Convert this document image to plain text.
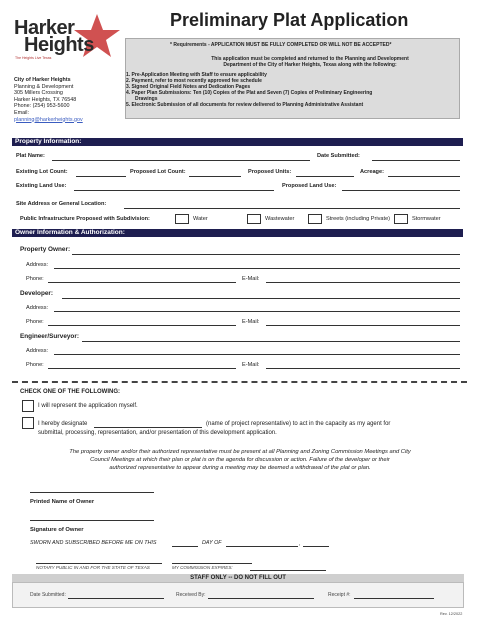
Harker
Heights
The Heights Live Texas
Preliminary Plat Application
* Requirements - APPLICATION MUST BE FULLY COMPLETED OR WILL NOT BE ACCEPTED*
This application must be completed and returned to the Planning and Development
Department of the City of Harker Heights, Texas along with the following:
1. Pre-Application Meeting with Staff to ensure applicability
2. Payment, refer to most recently approved fee schedule
3. Signed Original Field Notes and Dedication Pages
4. Paper Plan Submissions: Ten (10) Copies of the Plat and Seven (7) Copies of Preliminary Engineering
Drawings
5. Electronic Submission of all documents for review delivered to Planning Administrative Assistant
City of Harker Heights
Planning & Development
305 Millers Crossing
Harker Heights, TX 76548
Phone: (254) 953-5600
Email:
planning@harkerheights.gov
Property Information:
Plat Name:	Date Submitted:
Existing Lot Count:	Proposed Lot Count:	Proposed Units:	Acreage:
Existing Land Use:	Proposed Land Use:
Site Address or General Location:
Public Infrastructure Proposed with Subdivision:	Water	Wastewater	Streets (including Private)	Stormwater
Owner Information & Authorization:
Property Owner:
Address:
Phone:	E-Mail:
Developer:
Address:
Phone:	E-Mail:
Engineer/Surveyor:
Address:
Phone:	E-Mail:
CHECK ONE OF THE FOLLOWING:
I will represent the application myself.
I hereby designate	(name of project representative) to act in the capacity as my agent for
submittal, processing, representation, and/or presentation of this development application.
The property owner and/or their authorized representative must be present at all Planning and Zoning Commission Meetings and City
Council Meetings at which their plan or plat is on the agenda for discussion or action. Failure of the developer or their
authorized representative to appear during a meeting may be deemed a withdrawal of the plat or plan.
Printed Name of Owner
Signature of Owner
SWORN AND SUBSCRIBED BEFORE ME ON THIS	DAY OF	,
NOTARY PUBLIC IN AND FOR THE STATE OF TEXAS	MY COMMISSION EXPIRES:
STAFF ONLY -- DO NOT FILL OUT
Date Submitted:	Received By:	Receipt #:
Rev. 12/2022
